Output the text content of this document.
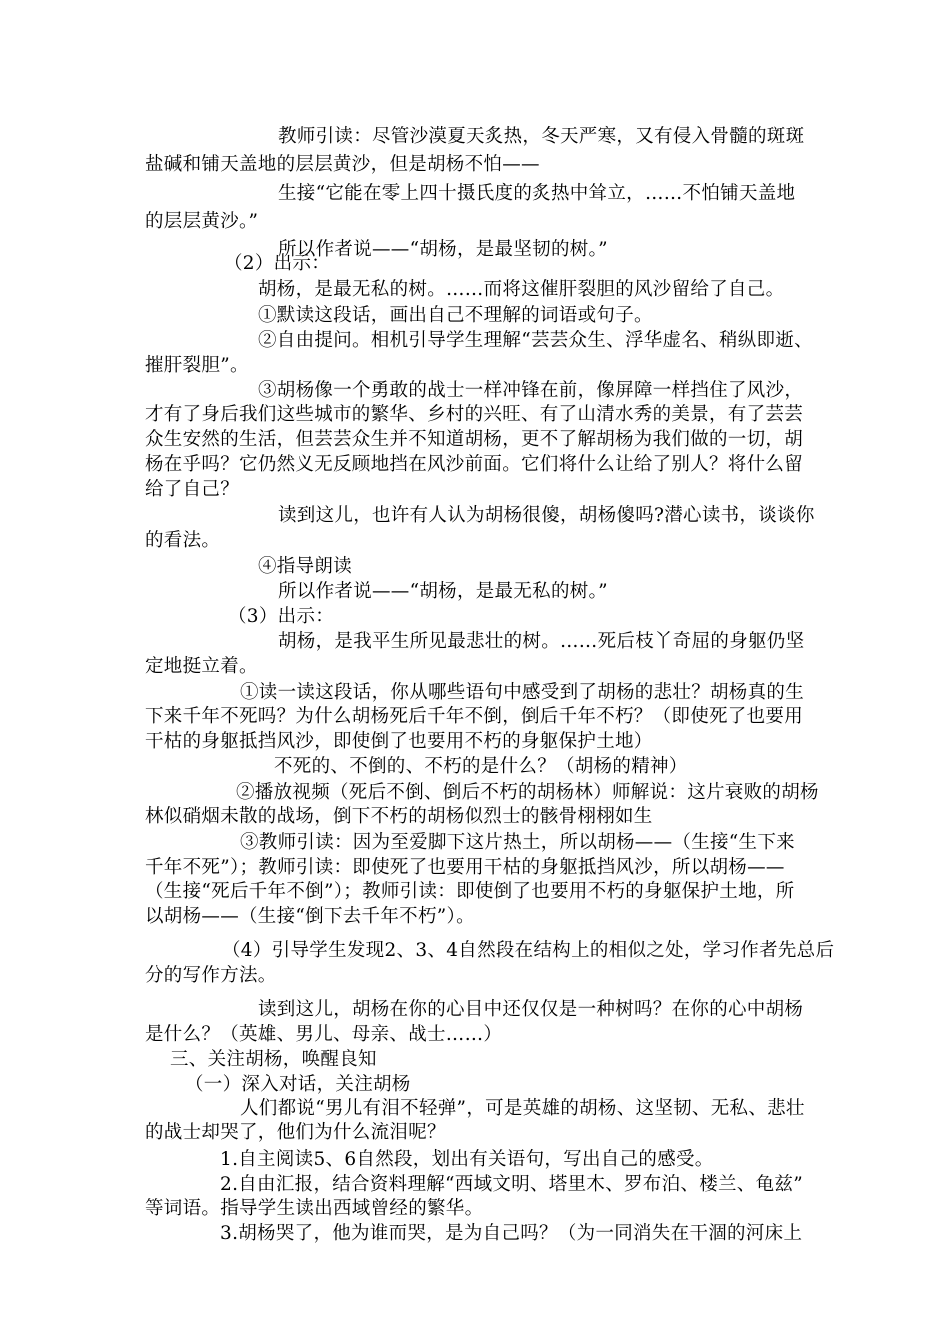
教师引读：尽管沙漠夏天炙热，冬天严寒，又有侵入骨髓的斑斑
盐碱和铺天盖地的层层黄沙，但是胡杨不怕——
生接“它能在零上四十摄氏度的炙热中耸立，……不怕铺天盖地
的层层黄沙。”
所以作者说——“胡杨，是最坚韧的树。”
（2）出示：
胡杨，是最无私的树。……而将这催肝裂胆的风沙留给了自己。
①默读这段话，画出自己不理解的词语或句子。
②自由提问。相机引导学生理解“芸芸众生、浮华虚名、稍纵即逝、
摧肝裂胆”。
③胡杨像一个勇敢的战士一样冲锋在前，像屏障一样挡住了风沙，
才有了身后我们这些城市的繁华、乡村的兴旺、有了山清水秀的美景，有了芸芸
众生安然的生活，但芸芸众生并不知道胡杨，更不了解胡杨为我们做的一切，胡
杨在乎吗？它仍然义无反顾地挡在风沙前面。它们将什么让给了别人？将什么留
给了自己？
读到这儿，也许有人认为胡杨很傻，胡杨傻吗?潜心读书，谈谈你
的看法。
④指导朗读
所以作者说——“胡杨，是最无私的树。”
（3）出示：
胡杨，是我平生所见最悲壮的树。……死后枝丫奇屈的身躯仍坚
定地挺立着。
①读一读这段话，你从哪些语句中感受到了胡杨的悲壮？胡杨真的生
下来千年不死吗？为什么胡杨死后千年不倒，倒后千年不朽？（即使死了也要用
干枯的身躯抵挡风沙，即使倒了也要用不朽的身躯保护土地）
不死的、不倒的、不朽的是什么？（胡杨的精神）
②播放视频（死后不倒、倒后不朽的胡杨林）师解说：这片衰败的胡杨
林似硝烟未散的战场，倒下不朽的胡杨似烈士的骸骨栩栩如生
③教师引读：因为至爱脚下这片热土，所以胡杨——（生接“生下来
千年不死”）；教师引读：即使死了也要用干枯的身躯抵挡风沙，所以胡杨——
（生接“死后千年不倒”）；教师引读：即使倒了也要用不朽的身躯保护土地，所
以胡杨——（生接“倒下去千年不朽”）。
（4）引导学生发现2、3、4自然段在结构上的相似之处，学习作者先总后
分的写作方法。
读到这儿，胡杨在你的心目中还仅仅是一种树吗？在你的心中胡杨
是什么？（英雄、男儿、母亲、战士……）
三、关注胡杨，唤醒良知
（一）深入对话，关注胡杨
人们都说“男儿有泪不轻弹”，可是英雄的胡杨、这坚韧、无私、悲壮
的战士却哭了，他们为什么流泪呢？
1.自主阅读5、6自然段，划出有关语句，写出自己的感受。
2.自由汇报，结合资料理解“西域文明、塔里木、罗布泊、楼兰、龟兹”
等词语。指导学生读出西域曾经的繁华。
3.胡杨哭了，他为谁而哭，是为自己吗？（为一同消失在干涸的河床上
